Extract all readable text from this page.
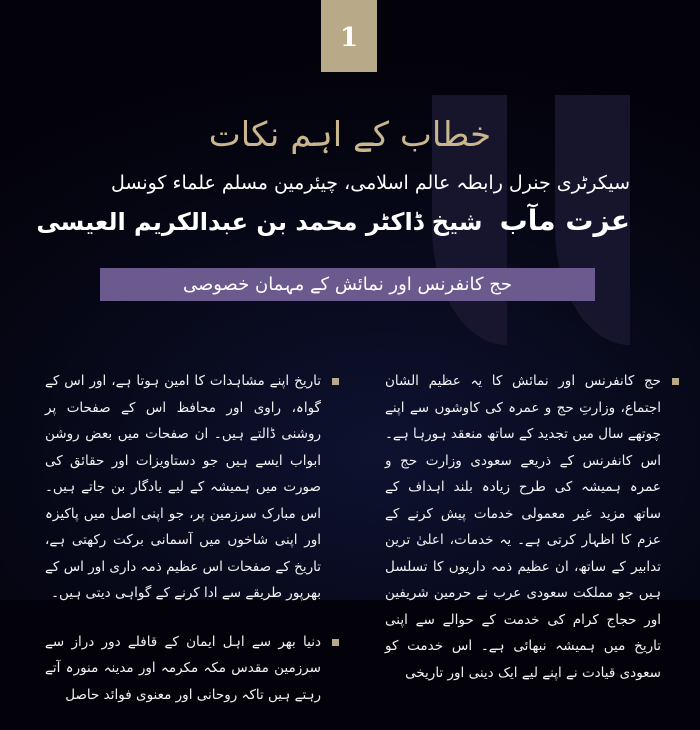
1
خطاب کے اہم نکات
سیکرٹری جنرل رابطہ عالم اسلامی، چیئرمین مسلم علماء کونسل
عزت مآب شیخ ڈاکٹر محمد بن عبدالکریم العیسی
حج کانفرنس اور نمائش کے مہمان خصوصی

حج کانفرنس اور نمائش کا یہ عظیم الشان اجتماع، وزارتِ حج و عمرہ کی کاوشوں سے اپنے چوتھے سال میں تجدید کے ساتھ منعقد ہورہا ہے۔ اس کانفرنس کے ذریعے سعودی وزارت حج و عمرہ ہمیشہ کی طرح زیادہ بلند اہداف کے ساتھ مزید غیر معمولی خدمات پیش کرنے کے عزم کا اظہار کرتی ہے۔ یہ خدمات، اعلیٰ ترین تدابیر کے ساتھ، ان عظیم ذمہ داریوں کا تسلسل ہیں جو مملکت سعودی عرب نے حرمین شریفین اور حجاج کرام کی خدمت کے حوالے سے اپنی تاریخ میں ہمیشہ نبھائی ہے۔ اس خدمت کو سعودی قیادت نے اپنے لیے ایک دینی اور تاریخی

تاریخ اپنے مشاہدات کا امین ہوتا ہے، اور اس کے گواہ، راوی اور محافظ اس کے صفحات پر روشنی ڈالتے ہیں۔ ان صفحات میں بعض روشن ابواب ایسے ہیں جو دستاویزات اور حقائق کی صورت میں ہمیشہ کے لیے یادگار بن جاتے ہیں۔ اس مبارک سرزمین پر، جو اپنی اصل میں پاکیزہ اور اپنی شاخوں میں آسمانی برکت رکھتی ہے، تاریخ کے صفحات اس عظیم ذمہ داری اور اس کے بھرپور طریقے سے ادا کرنے کے گواہی دیتی ہیں۔

دنیا بھر سے اہل ایمان کے قافلے دور دراز سے سرزمین مقدس مکہ مکرمہ اور مدینہ منورہ آتے رہتے ہیں تاکہ روحانی اور معنوی فوائد حاصل
